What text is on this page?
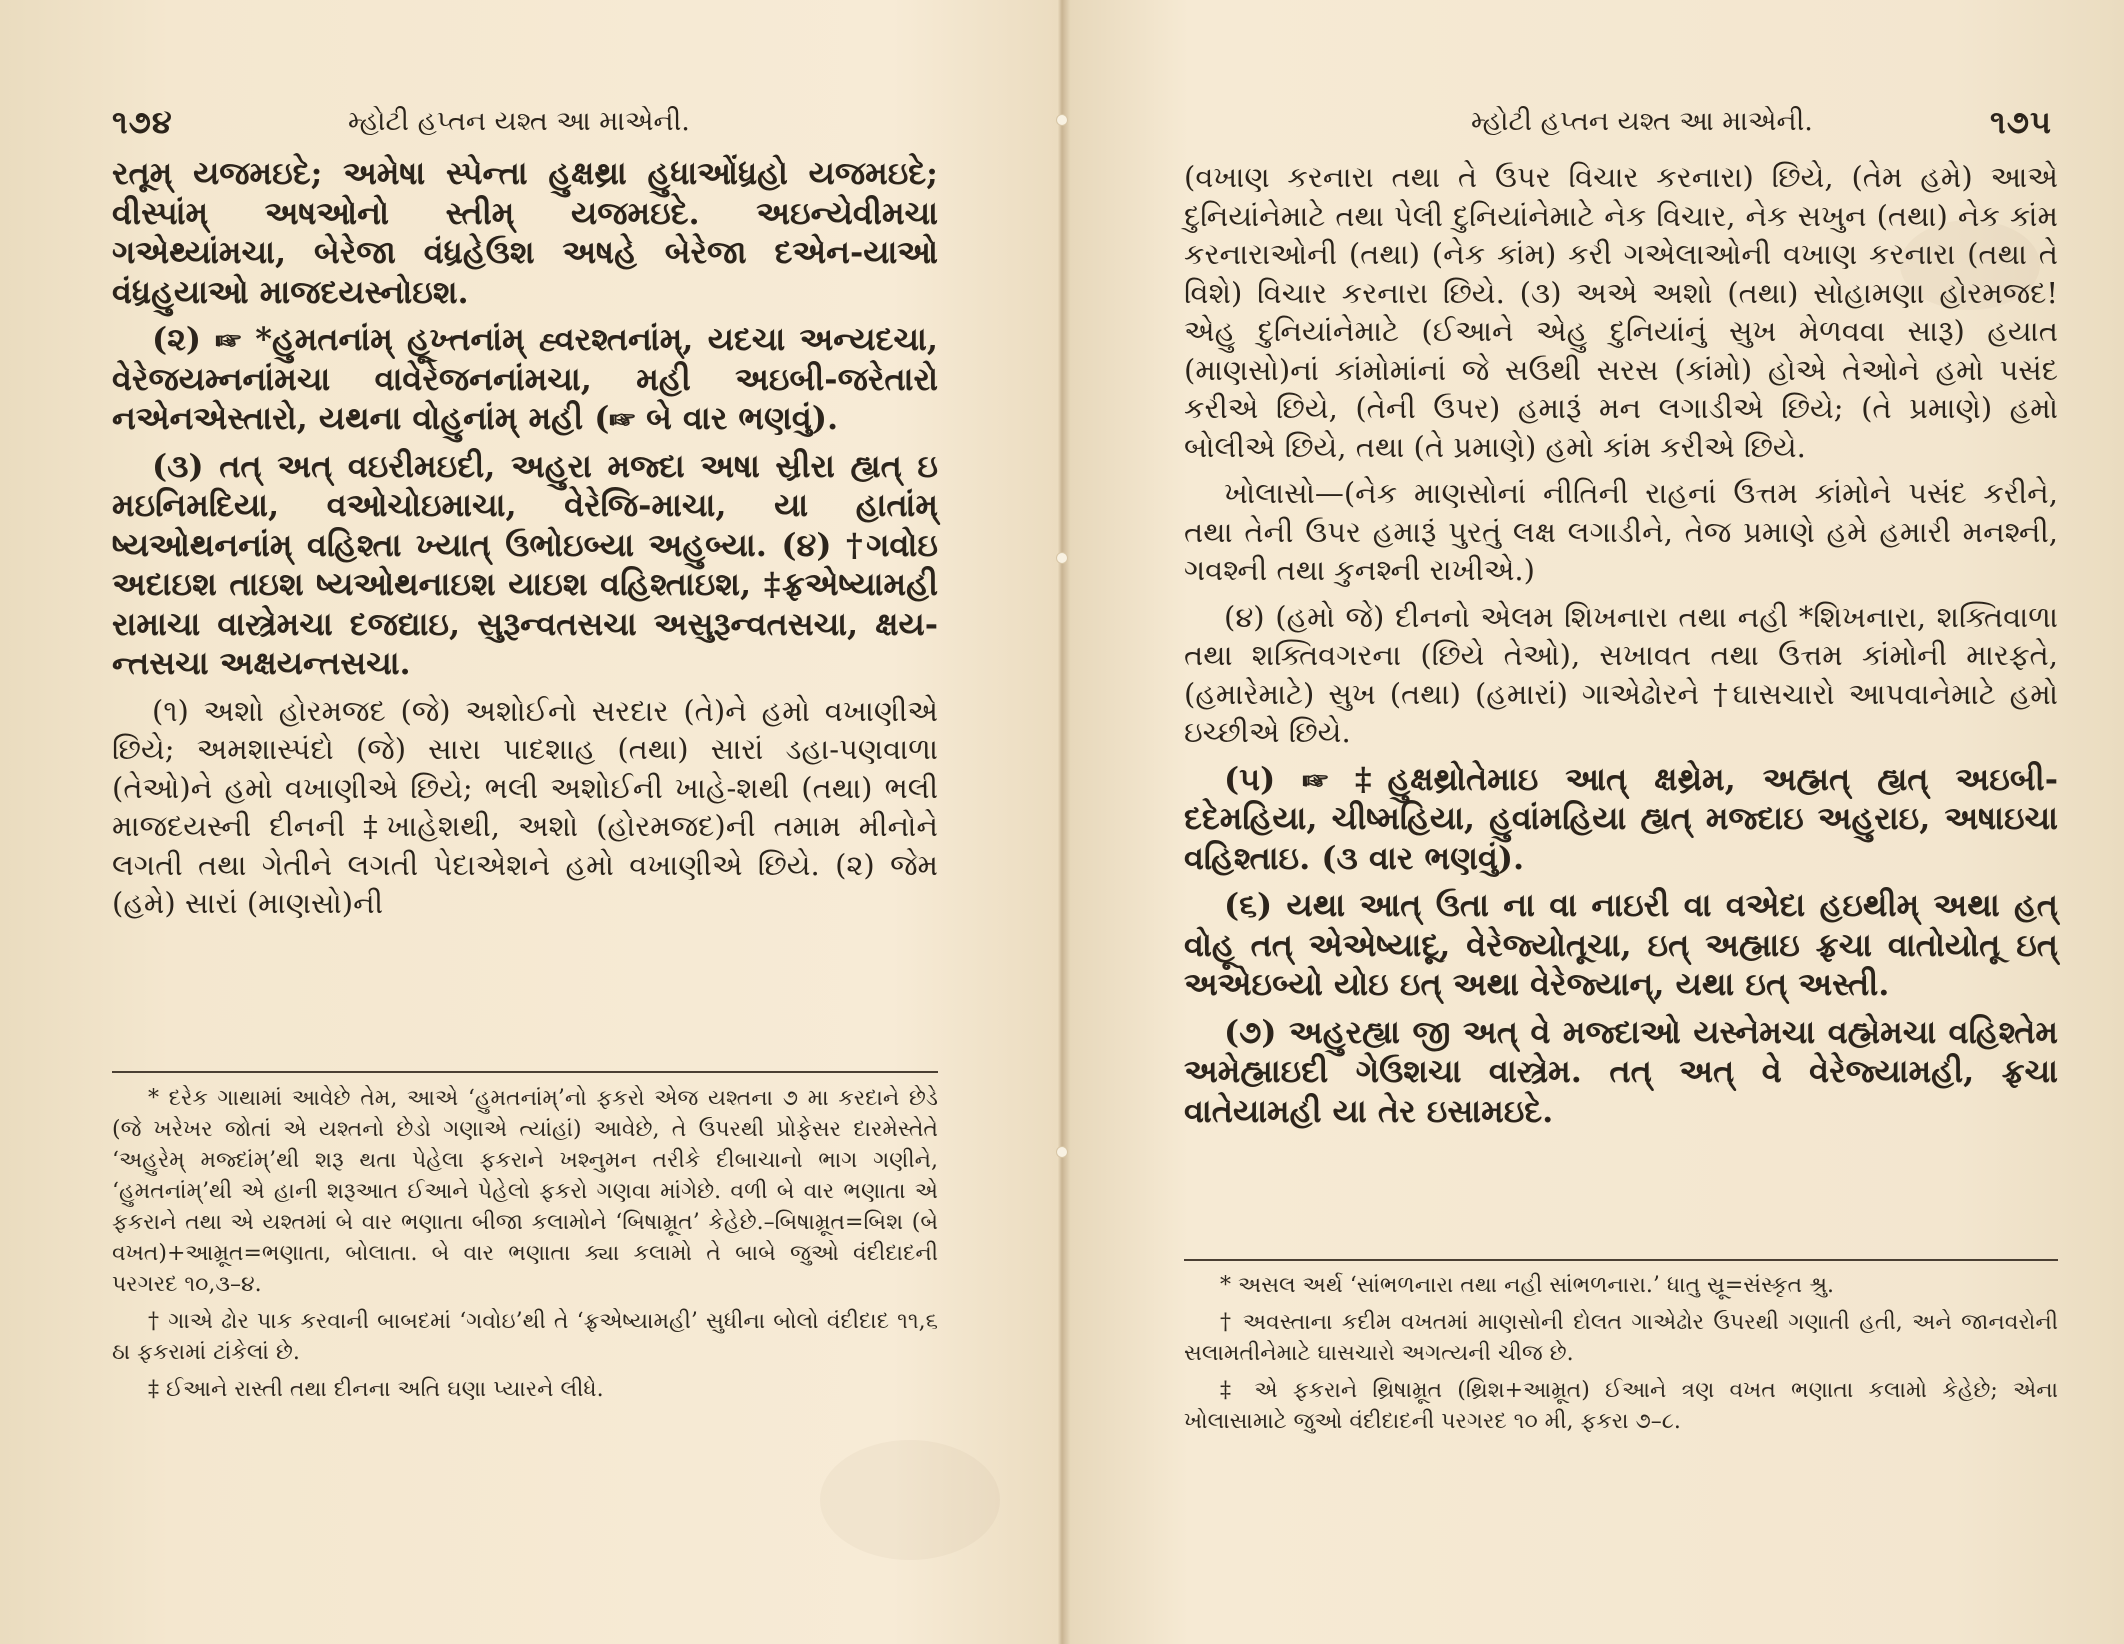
૧૭૪	મ્હોટી હપ્તન યશ્ત આ માએની.

રતૂમ્ યજમઇદે; અમેષા સ્પેન્તા હુક્ષથ્રા હુધાઓંધ્રહો યજમઇદે; વીસ્પાંમ્ અષઓનો સ્તીમ્ યજમઇદે. અઇન્યેવીમચા ગએથ્યાંમચા, બેરેજા વંધ્રહેઉશ અષહે બેરેજા દએન-યાઓ વંધ્રહુયાઓ માજદયસ્નોઇશ.

(૨) ☞ *હુમતનાંમ્ હૂખ્તનાંમ્ હ્વરશ્તનાંમ્, યદચા અન્યદચા, વેરેજયમ્નનાંમચા વાવેરેજનનાંમચા, મહી અઇબી-જરેતારો નએનએસ્તારો, યથના વોહુનાંમ્ મહી (☞ બે વાર ભણવું).

(૩) તત્ અત્ વઇરીમઇદી, અહુરા મજ્દા અષા સ્રીરા હ્યત્ ઇ મઇનિમદિયા, વઓચોઇમાચા, વેરેજિ-માચા, યા હાતાંમ્ ષ્યઓથનનાંમ્ વહિશ્તા ખ્યાત્ ઉભોઇબ્યા અહુબ્યા. (૪) †ગવોઇ અદાઇશ તાઇશ ષ્યઓથનાઇશ યાઇશ વહિશ્તાઇશ, ‡ફ્રએષ્યામહી રામાચા વાસ્ત્રેમચા દજદ્યાઇ, સુરૂન્વતસચા અસુરૂન્વતસચા, ક્ષય-ન્તસચા અક્ષયન્તસચા.

(૧) અશો હોરમજદ (જે) અશોઈનો સરદાર (તે)ને હમો વખાણીએ છિયે; અમશાસ્પંદો (જે) સારા પાદશાહ (તથા) સારાં ડહા-પણવાળા (તેઓ)ને હમો વખાણીએ છિયે; ભલી અશોઈની ખાહે-શથી (તથા) ભલી માજદયસ્ની દીનની ‡ખાહેશથી, અશો (હોરમજદ)ની તમામ મીનોને લગતી તથા ગેતીને લગતી પેદાએશને હમો વખાણીએ છિયે. (૨) જેમ (હમે) સારાં (માણસો)ની

* દરેક ગાથામાં આવેછે તેમ, આએ ‘હુમતનાંમ્’નો ફકરો એજ યશ્તના ૭ મા કરદાને છેડે (જે ખરેખર જોતાં એ યશ્તનો છેડો ગણાએ ત્યાંહાં) આવેછે, તે ઉપરથી પ્રોફેસર દારમેસ્તેતે ‘અહુરેમ્ મજ્દાંમ્’થી શરૂ થતા પેહેલા ફકરાને ખશ્નુમન તરીકે દીબાચાનો ભાગ ગણીને, ‘હુમતનાંમ્’થી એ હાની શરૂઆત ઈઆને પેહેલો ફકરો ગણવા માંગેછે. વળી બે વાર ભણાતા એ ફકરાને તથા એ યશ્તમાં બે વાર ભણાતા બીજા કલામોને ‘બિષામ્રૂત’ કેહેછે.–બિષામ્રૂત=બિશ (બે વખત)+આમ્રૂત=ભણાતા, બોલાતા. બે વાર ભણાતા ક્યા કલામો તે બાબે જુઓ વંદીદાદની પરગરદ ૧૦,૩–૪.

† ગાએ ઢોર પાક કરવાની બાબદમાં ‘ગવોઇ’થી તે ‘ફ્રએષ્યામહી’ સુધીના બોલો વંદીદાદ ૧૧,૬ ઠા ફકરામાં ટાંકેલાં છે.

‡ ઈઆને રાસ્તી તથા દીનના અતિ ઘણા પ્યારને લીધે.

મ્હોટી હપ્તન યશ્ત આ માએની.	૧૭૫

(વખાણ કરનારા તથા તે ઉપર વિચાર કરનારા) છિયે, (તેમ હમે) આએ દુનિયાંનેમાટે તથા પેલી દુનિયાંનેમાટે નેક વિચાર, નેક સખુન (તથા) નેક કાંમ કરનારાઓની (તથા) (નેક કાંમ) કરી ગએલાઓની વખાણ કરનારા (તથા તે વિશે) વિચાર કરનારા છિયે. (૩) અએ અશો (તથા) સોહામણા હોરમજદ! એહુ દુનિયાંનેમાટે (ઈઆને એહુ દુનિયાંનું સુખ મેળવવા સારૂ) હયાત (માણસો)નાં કાંમોમાંનાં જે સઉથી સરસ (કાંમો) હોએ તેઓને હમો પસંદ કરીએ છિયે, (તેની ઉપર) હમારૂં મન લગાડીએ છિયે; (તે પ્રમાણે) હમો બોલીએ છિયે, તથા (તે પ્રમાણે) હમો કાંમ કરીએ છિયે.

ખોલાસો—(નેક માણસોનાં નીતિની રાહનાં ઉત્તમ કાંમોને પસંદ કરીને, તથા તેની ઉપર હમારૂં પુરતું લક્ષ લગાડીને, તેજ પ્રમાણે હમે હમારી મનશ્ની, ગવશ્ની તથા કુનશ્ની રાખીએ.)

(૪) (હમો જે) દીનનો એલમ શિખનારા તથા નહી *શિખનારા, શક્તિવાળા તથા શક્તિવગરના (છિયે તેઓ), સખાવત તથા ઉત્તમ કાંમોની મારફતે, (હમારેમાટે) સુખ (તથા) (હમારાં) ગાએઢોરને †ઘાસચારો આપવાનેમાટે હમો ઇચ્છીએ છિયે.

(૫) ☞ ‡હુક્ષથ્રોતેમાઇ આત્ ક્ષથ્રેમ, અહ્મત્ હ્યત્ અઇબી-દદેમહિયા, ચીષ્મહિયા, હુવાંમહિયા હ્યત્ મજ્દાઇ અહુરાઇ, અષાઇચા વહિશ્તાઇ. (૩ વાર ભણવું).

(૬) યથા આત્ ઉતા ના વા નાઇરી વા વએદા હઇથીમ્ અથા હત્ વોહૂ તત્ એએષ્યાદૂ, વેરેજ્યોતૂચા, ઇત્ અહ્માઇ ફ્રચા વાતોયોતૂ ઇત્ અએઇબ્યો યોઇ ઇત્ અથા વેરેજ્યાન્, યથા ઇત્ અસ્તી.

(૭) અહુરહ્યા જી અત્ વે મજ્દાઓ યસ્નેમચા વહ્મેમચા વહિશ્તેમ અમેહ્માઇદી ગેઉશચા વાસ્ત્રેમ. તત્ અત્ વે વેરેજ્યામહી, ફ્રચા વાતેયામહી યા તેર ઇસામઇદે.

* અસલ અર્થ ‘સાંભળનારા તથા નહી સાંભળનારા.’ ધાતુ સ્રૂ=સંસ્કૃત શ્રુ.

† અવસ્તાના કદીમ વખતમાં માણસોની દોલત ગાએઢોર ઉપરથી ગણાતી હતી, અને જાનવરોની સલામતીનેમાટે ઘાસચારો અગત્યની ચીજ છે.

‡ એ ફકરાને થ્રિષામ્રૂત (થ્રિશ+આમ્રૂત) ઈઆને ત્રણ વખત ભણાતા કલામો કેહેછે; એના ખોલાસામાટે જુઓ વંદીદાદની પરગરદ ૧૦ મી, ફકરા ૭–૮.
